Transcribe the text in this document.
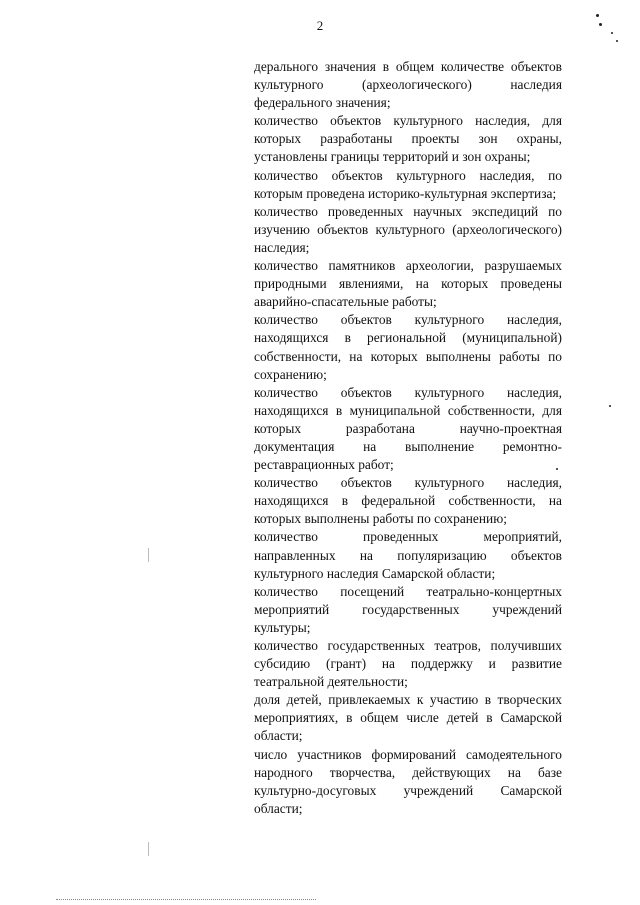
2

дерального значения в общем количестве объектов культурного (археологического) наследия федерального значения;

количество объектов культурного наследия, для которых разработаны проекты зон охраны, установлены границы территорий и зон охраны;

количество объектов культурного наследия, по которым проведена историко-культурная экспертиза;

количество проведенных научных экспедиций по изучению объектов культурного (археологического) наследия;

количество памятников археологии, разрушаемых природными явлениями, на которых проведены аварийно-спасательные работы;

количество объектов культурного наследия, находящихся в региональной (муниципальной) собственности, на которых выполнены работы по сохранению;

количество объектов культурного наследия, находящихся в муниципальной собственности, для которых разработана научно-проектная документация на выполнение ремонтно-реставрационных работ;

количество объектов культурного наследия, находящихся в федеральной собственности, на которых выполнены работы по сохранению;

количество проведенных мероприятий, направленных на популяризацию объектов культурного наследия Самарской области;

количество посещений театрально-концертных мероприятий государственных учреждений культуры;

количество государственных театров, получивших субсидию (грант) на поддержку и развитие театральной деятельности;

доля детей, привлекаемых к участию в творческих мероприятиях, в общем числе детей в Самарской области;

число участников формирований самодеятельного народного творчества, действующих на базе культурно-досуговых учреждений Самарской области;
